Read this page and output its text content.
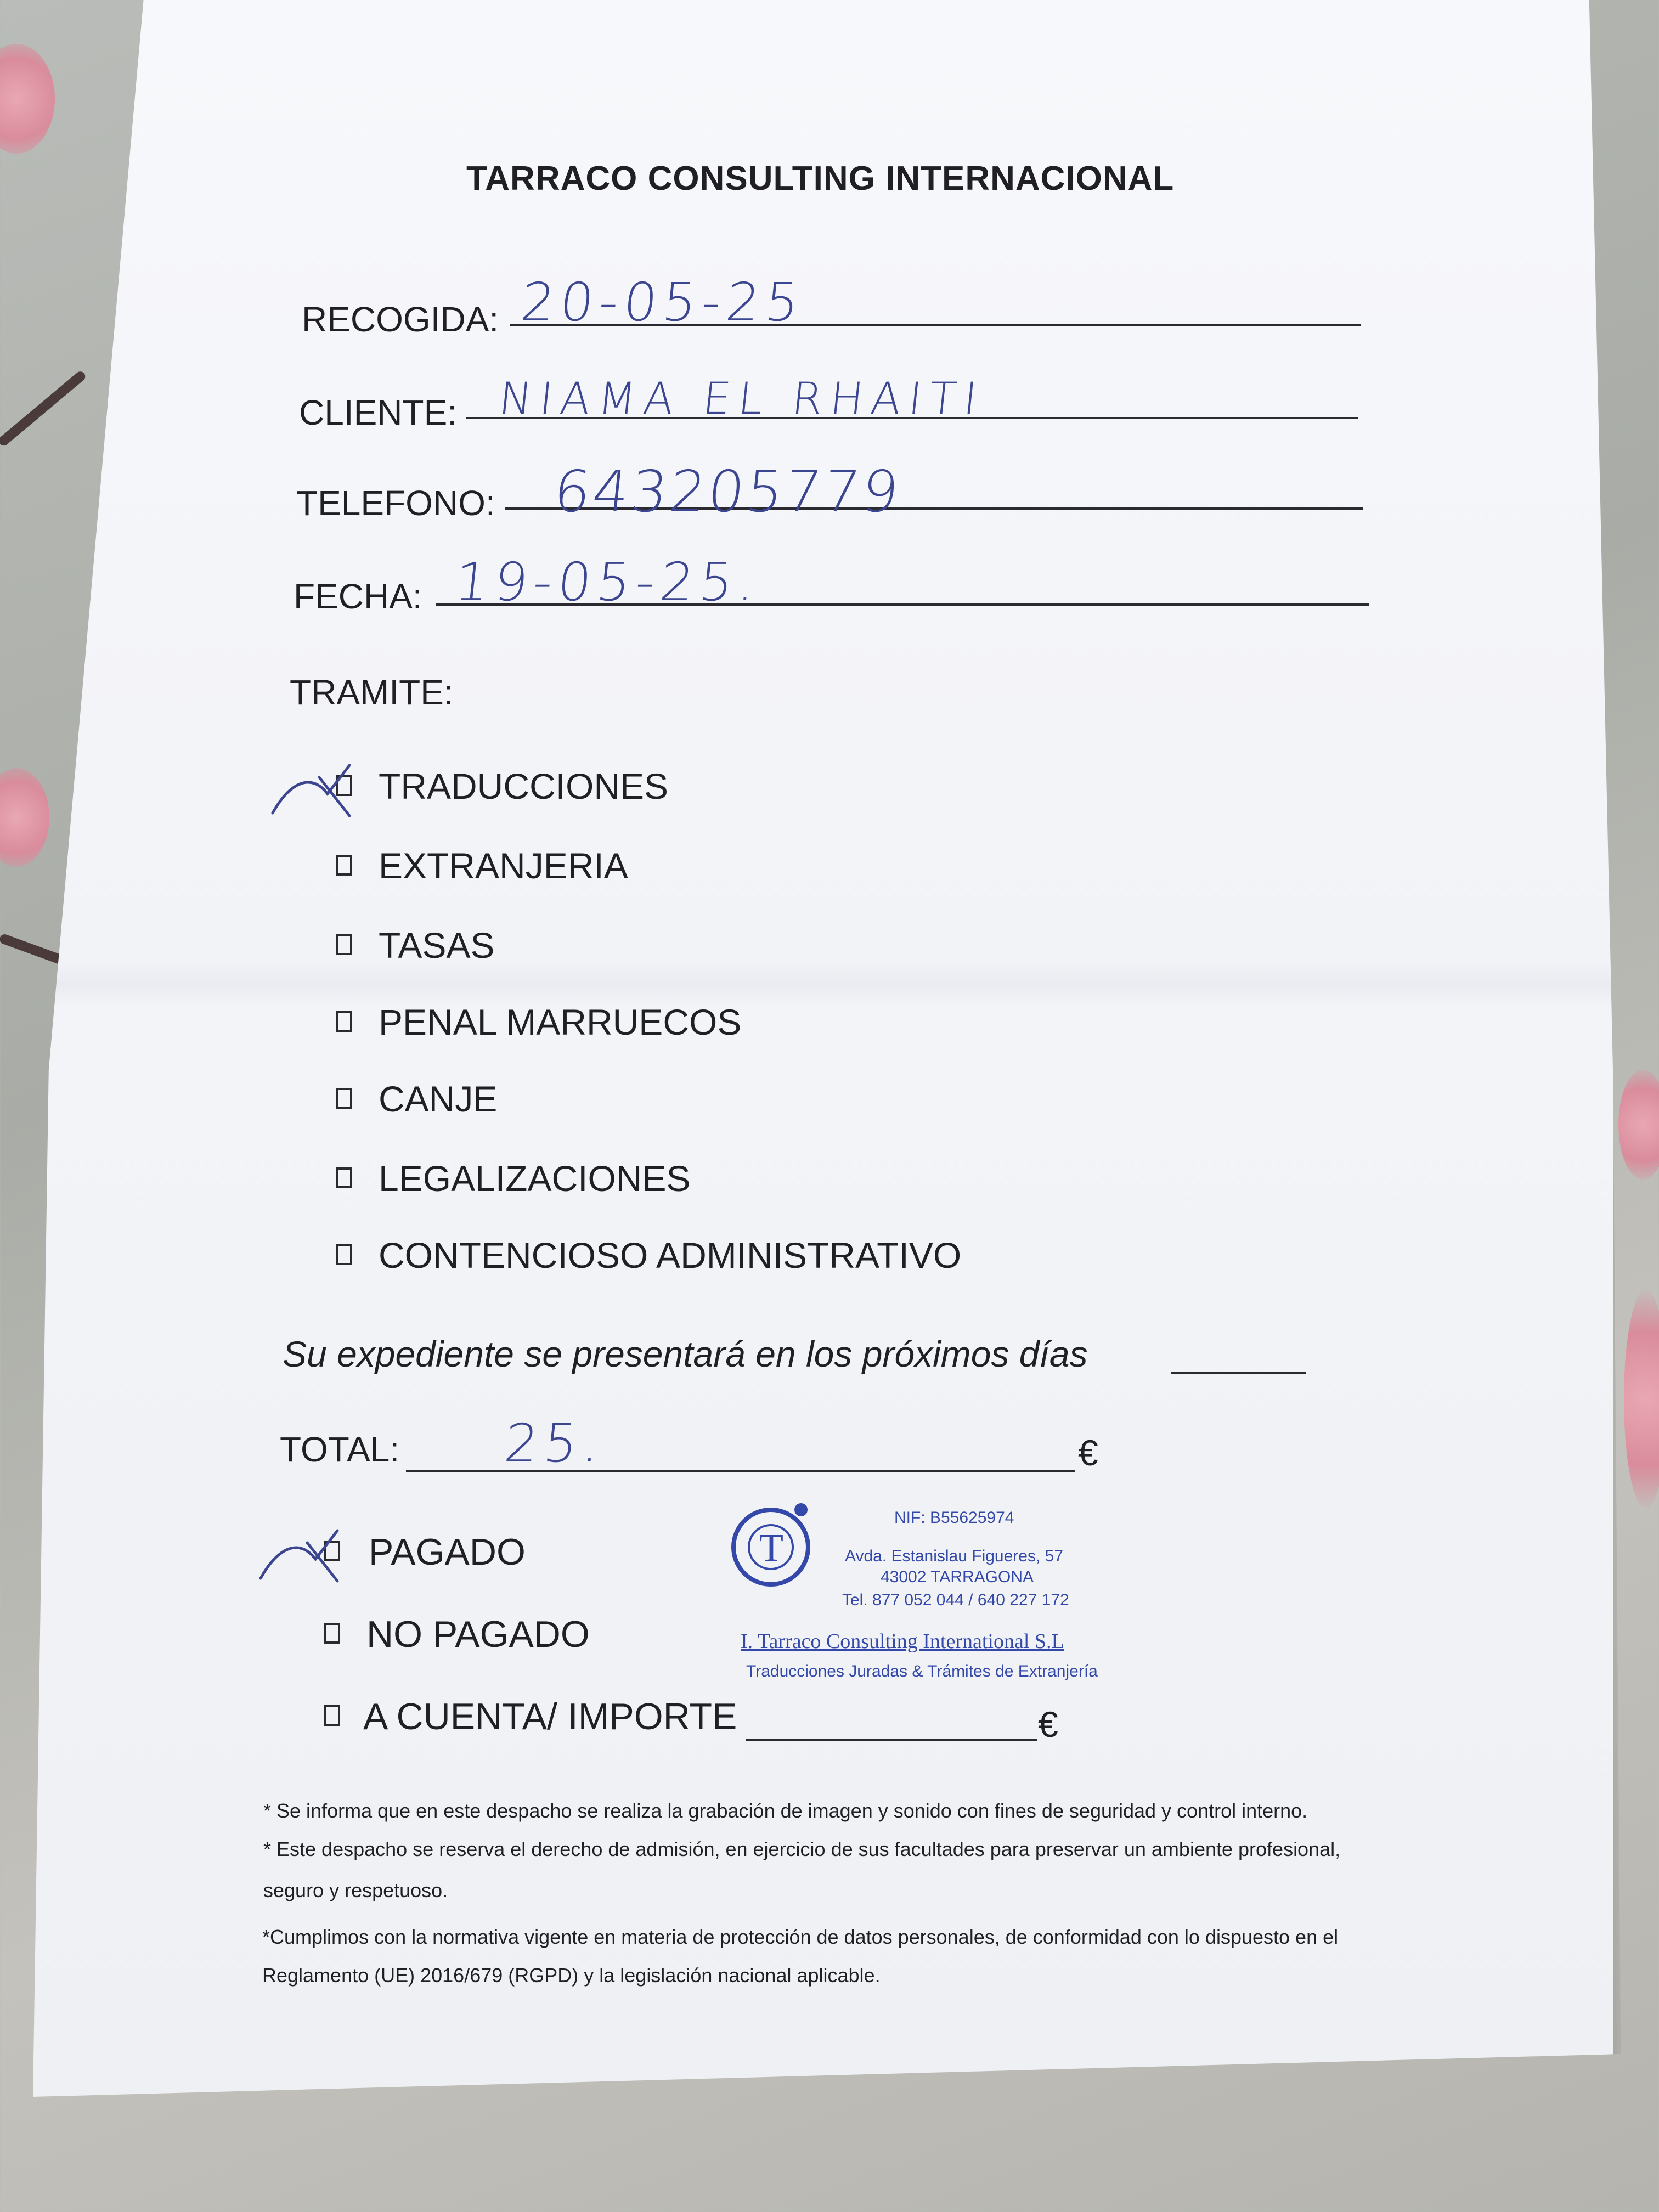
TARRACO CONSULTING INTERNACIONAL
RECOGIDA: 20-05-25
CLIENTE: NIAMA EL RHAITI
TELEFONO: 643205779
FECHA: 19-05-25.
TRAMITE:
TRADUCCIONES
EXTRANJERIA
TASAS
PENAL MARRUECOS
CANJE
LEGALIZACIONES
CONTENCIOSO ADMINISTRATIVO
Su expediente se presentará en los próximos días
TOTAL: 25.	€
PAGADO
NO PAGADO
A CUENTA/ IMPORTE	€
T
NIF: B55625974
Avda. Estanislau Figueres, 57
43002 TARRAGONA
Tel. 877 052 044 / 640 227 172
I. Tarraco Consulting International S.L
Traducciones Juradas & Trámites de Extranjería
* Se informa que en este despacho se realiza la grabación de imagen y sonido con fines de seguridad y control interno.
* Este despacho se reserva el derecho de admisión, en ejercicio de sus facultades para preservar un ambiente profesional,
seguro y respetuoso.
*Cumplimos con la normativa vigente en materia de protección de datos personales, de conformidad con lo dispuesto en el
Reglamento (UE) 2016/679 (RGPD) y la legislación nacional aplicable.
